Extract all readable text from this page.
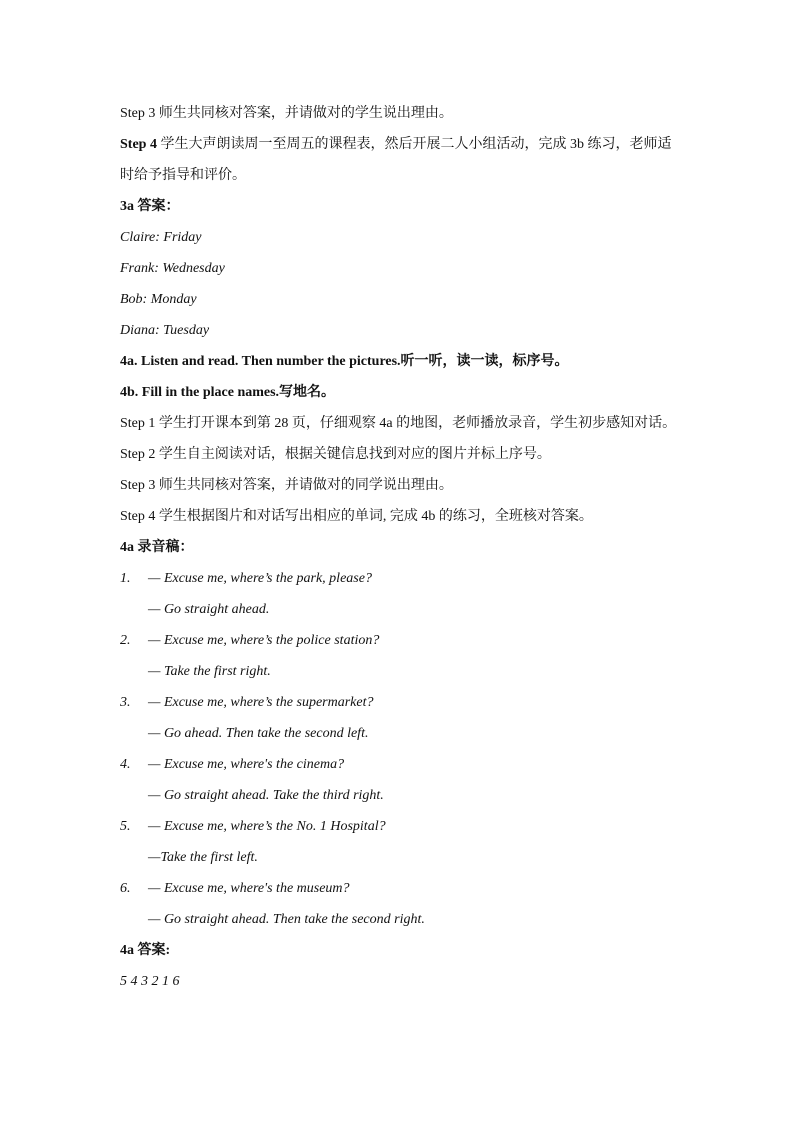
Step 3 师生共同核对答案，并请做对的学生说出理由。

Step 4 学生大声朗读周一至周五的课程表，然后开展二人小组活动，完成 3b 练习，老师适时给予指导和评价。

3a 答案：

Claire: Friday

Frank: Wednesday

Bob: Monday

Diana: Tuesday

4a. Listen and read. Then number the pictures.听一听，读一读，标序号。

4b. Fill in the place names.写地名。

Step 1 学生打开课本到第 28 页，仔细观察 4a 的地图，老师播放录音，学生初步感知对话。

Step 2 学生自主阅读对话，根据关键信息找到对应的图片并标上序号。

Step 3 师生共同核对答案，并请做对的同学说出理由。

Step 4 学生根据图片和对话写出相应的单词, 完成 4b 的练习，全班核对答案。

4a 录音稿：

1. — Excuse me, where’s the park, please?

— Go straight ahead.

2. — Excuse me, where’s the police station?

— Take the first right.

3. — Excuse me, where’s the supermarket?

— Go ahead. Then take the second left.

4. — Excuse me, where's the cinema?

— Go straight ahead. Take the third right.

5. — Excuse me, where’s the No. 1 Hospital?

—Take the first left.

6. — Excuse me, where's the museum?

— Go straight ahead. Then take the second right.

4a 答案:

5 4 3 2 1 6
